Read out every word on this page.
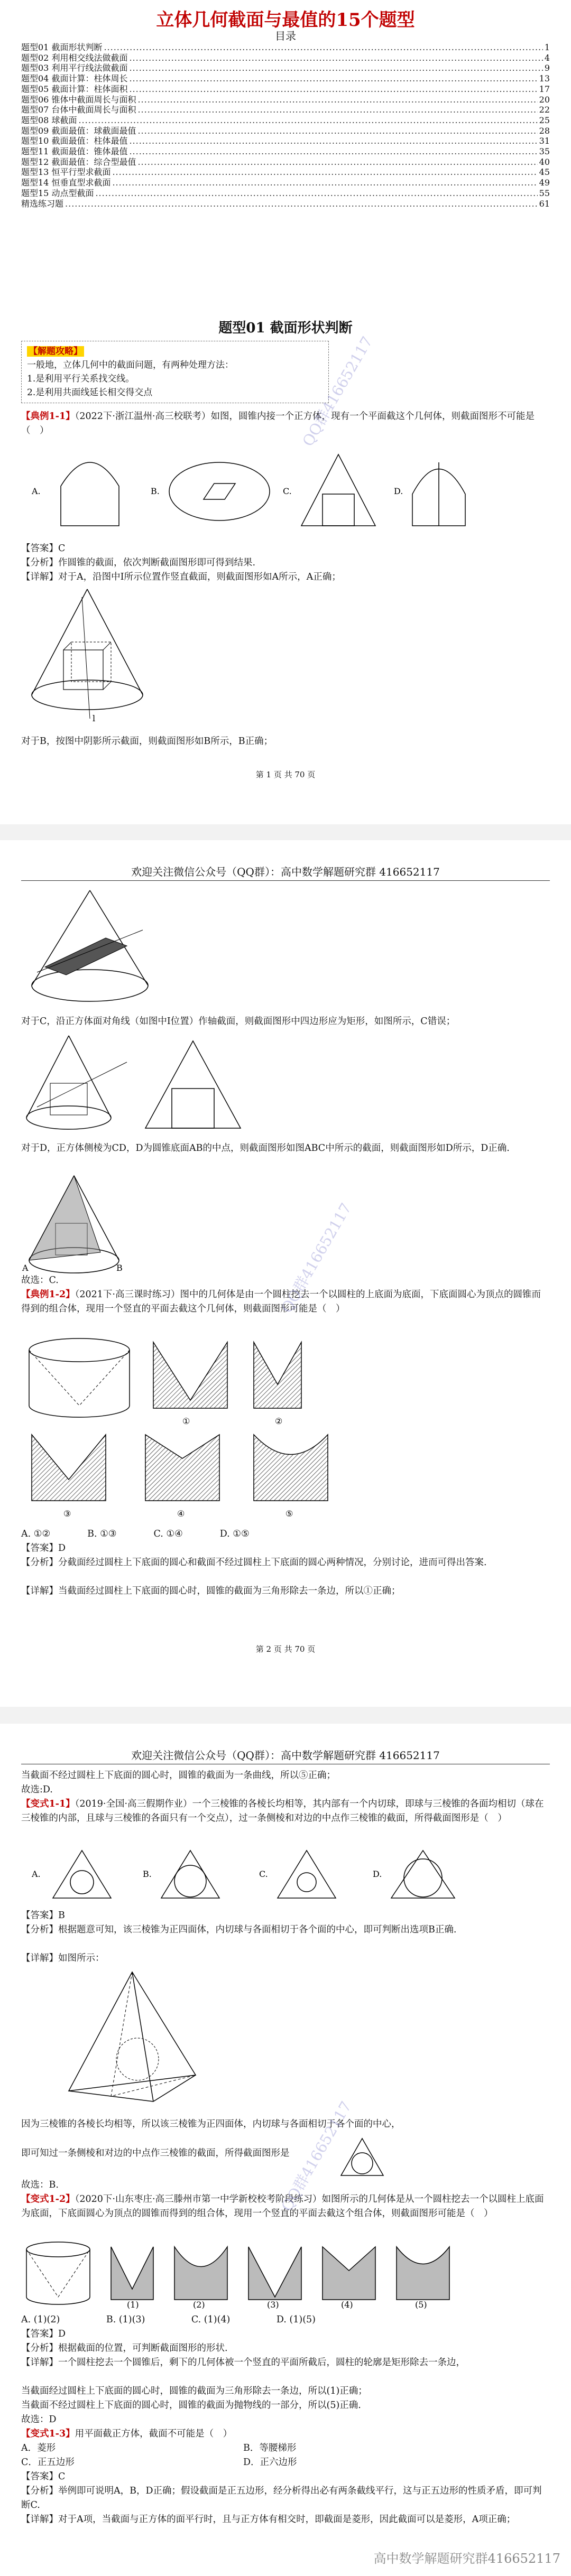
立体几何截面与最值的15个题型
目录
题型01 截面形状判断 .....	1
题型02 利用相交线法做截面 .....	4
题型03 利用平行线法做截面 .....	9
题型04 截面计算：柱体周长 .....	13
题型05 截面计算：柱体面积 .....	17
题型06 锥体中截面周长与面积 .....	20
题型07 台体中截面周长与面积 .....	22
题型08 球截面 .....	25
题型09 截面最值：球截面最值 .....	28
题型10 截面最值：柱体最值 .....	31
题型11 截面最值：锥体最值 .....	35
题型12 截面最值：综合型最值 .....	40
题型13 恒平行型求截面 .....	45
题型14 恒垂直型求截面 .....	49
题型15 动点型截面 .....	55
精选练习题 .....	61
题型01 截面形状判断
【解题攻略】
一般地，立体几何中的截面问题，有两种处理方法：
1.是利用平行关系找交线。
2.是利用共面线延长相交得交点
【典例1-1】（2022下·浙江温州·高三校联考）如图，圆锥内接一个正方体，现有一个平面截这个几何体，则截面图形不可能是（　）
A.	B.	C.	D.
【答案】C
【分析】作圆锥的截面，依次判断截面图形即可得到结果.
【详解】对于A，沿图中I所示位置作竖直截面，则截面图形如A所示，A正确；
l
对于B，按图中阴影所示截面，则截面图形如B所示，B正确；
第 1 页 共 70 页
欢迎关注微信公众号（QQ群）：高中数学解题研究群 416652117
对于C，沿正方体面对角线（如图中I位置）作轴截面，则截面图形中四边形应为矩形，如图所示，C错误；
对于D，正方体侧棱为CD，D为圆锥底面AB的中点，则截面图形如图ABC中所示的截面，则截面图形如D所示，D正确.
A	B
故选：C.
【典例1-2】（2021下·高三课时练习）图中的几何体是由一个圆柱挖去一个以圆柱的上底面为底面，下底面圆心为顶点的圆锥而得到的组合体，现用一个竖直的平面去截这个几何体，则截面图形可能是（　）
①	②
③	④	⑤
A. ①②　　　　B. ①③　　　　C. ①④　　　　D. ①⑤
【答案】D
【分析】分截面经过圆柱上下底面的圆心和截面不经过圆柱上下底面的圆心两种情况，分别讨论，进而可得出答案.
【详解】当截面经过圆柱上下底面的圆心时，圆锥的截面为三角形除去一条边，所以①正确；
第 2 页 共 70 页
欢迎关注微信公众号（QQ群）：高中数学解题研究群 416652117
当截面不经过圆柱上下底面的圆心时，圆锥的截面为一条曲线，所以⑤正确；
故选:D.
【变式1-1】（2019·全国·高三假期作业）一个三棱锥的各棱长均相等，其内部有一个内切球，即球与三棱锥的各面均相切（球在三棱锥的内部，且球与三棱锥的各面只有一个交点），过一条侧棱和对边的中点作三棱锥的截面，所得截面图形是（　）
A.	B.	C.	D.
【答案】B
【分析】根据题意可知，该三棱锥为正四面体，内切球与各面相切于各个面的中心，即可判断出选项B正确.
【详解】如图所示：
因为三棱锥的各棱长均相等，所以该三棱锥为正四面体，内切球与各面相切于各个面的中心，
即可知过一条侧棱和对边的中点作三棱锥的截面，所得截面图形是
故选：B.
【变式1-2】（2020下·山东枣庄·高三滕州市第一中学新校校考阶段练习）如图所示的几何体是从一个圆柱挖去一个以圆柱上底面为底面，下底面圆心为顶点的圆锥而得到的组合体，现用一个竖直的平面去截这个组合体，则截面图形可能是（　）
(1)	(2)	(3)	(4)	(5)
A. (1)(2)　　　　　B. (1)(3)　　　　　C. (1)(4)　　　　　D. (1)(5)
【答案】D
【分析】根据截面的位置，可判断截面图形的形状.
【详解】一个圆柱挖去一个圆锥后，剩下的几何体被一个竖直的平面所截后，圆柱的轮廓是矩形除去一条边，
当截面经过圆柱上下底面的圆心时，圆锥的截面为三角形除去一条边，所以(1)正确；
当截面不经过圆柱上下底面的圆心时，圆锥的截面为抛物线的一部分，所以(5)正确.
故选：D
【变式1-3】用平面截正方体，截面不可能是（　）
A．菱形	B．等腰梯形
C．正五边形	D．正六边形
【答案】C
【分析】举例即可说明A，B，D正确；假设截面是正五边形，经分析得出必有两条截线平行，这与正五边形的性质矛盾，即可判断C.
【详解】对于A项，当截面与正方体的面平行时，且与正方体有相交时，即截面是菱形，因此截面可以是菱形，A项正确；
高中数学解题研究群416652117
QQ群416652117
QQ群416652117
QQ群416652117
